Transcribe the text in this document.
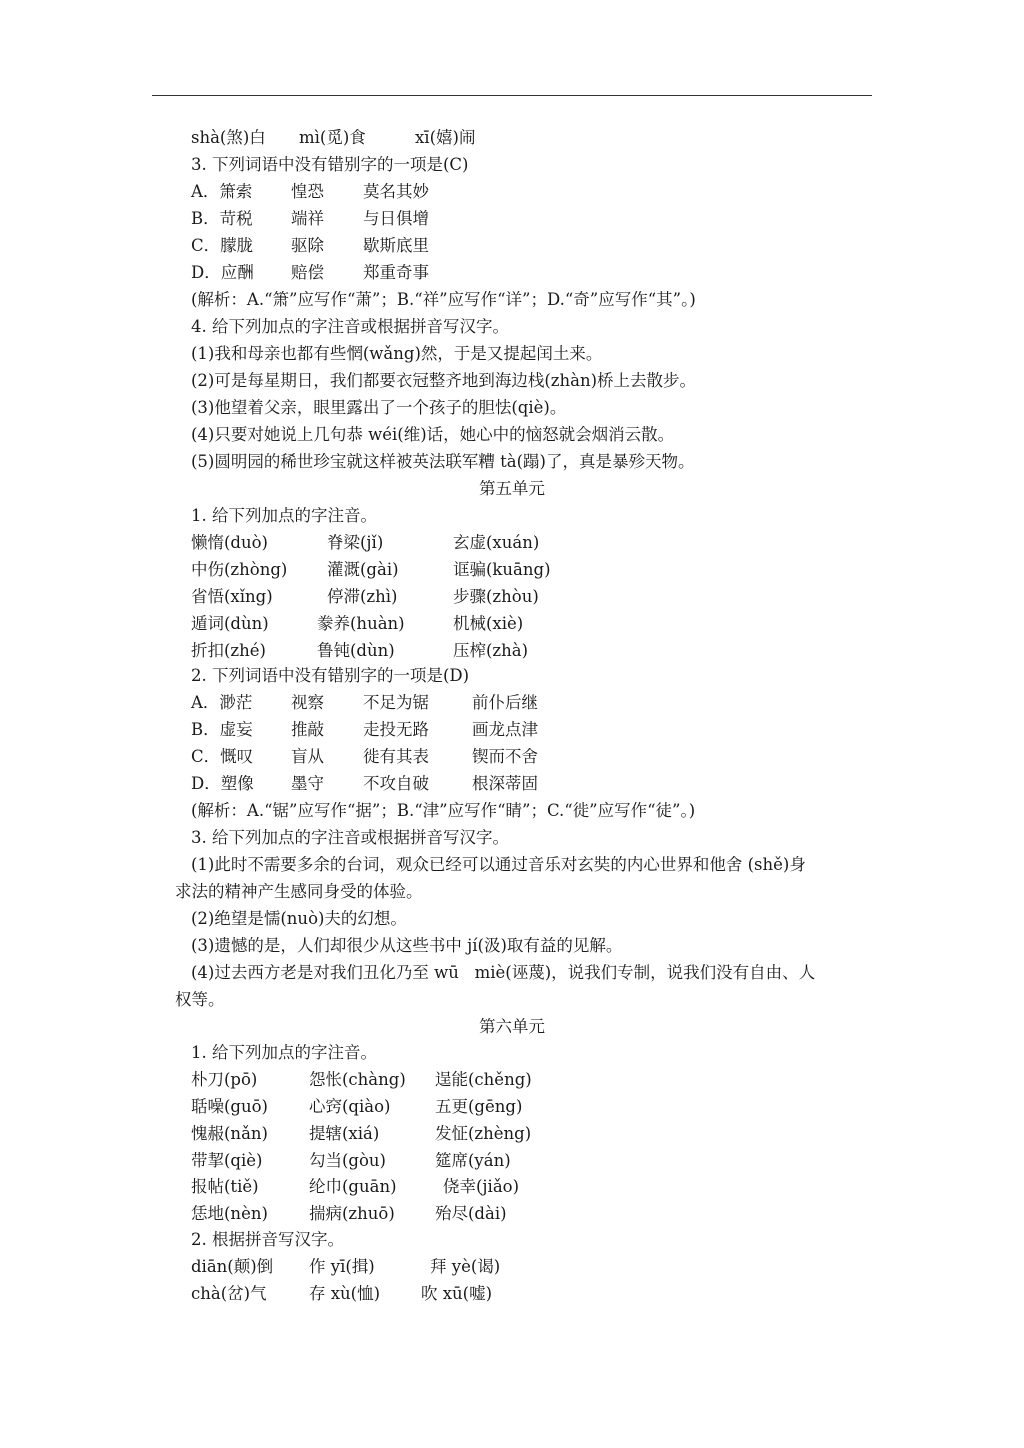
shà(煞)白 mì(觅)食	xī(嬉)闹
3. 下列词语中没有错别字的一项是(C)
A．箫索 惶恐 莫名其妙
B．苛税 端祥 与日俱增
C．朦胧 驱除 歇斯底里
D．应酬 赔偿 郑重奇事
(解析：A.“箫”应写作“萧”；B.“祥”应写作“详”；D.“奇”应写作“其”。)
4. 给下列加点的字注音或根据拼音写汉字。
(1)我和母亲也都有些惘(wǎng)然，于是又提起闰土来。
(2)可是每星期日，我们都要衣冠整齐地到海边栈(zhàn)桥上去散步。
(3)他望着父亲，眼里露出了一个孩子的胆怯(qiè)。
(4)只要对她说上几句恭 wéi(维)话，她心中的恼怒就会烟消云散。
(5)圆明园的稀世珍宝就这样被英法联军糟 tà(蹋)了，真是暴殄天物。
第五单元
1. 给下列加点的字注音。
懒惰(duò)	脊梁(jǐ)	玄虚(xuán)
中伤(zhòng) 灌溉(gài)	诓骗(kuāng)
省悟(xǐng)	停滞(zhì)	步骤(zhòu)
遁词(dùn)	豢养(huàn)	机械(xiè)
折扣(zhé)	鲁钝(dùn)	压榨(zhà)
2. 下列词语中没有错别字的一项是(D)
A．渺茫 视察 不足为锯	前仆后继
B．虚妄 推敲 走投无路	画龙点津
C．慨叹 盲从 徙有其表	锲而不舍
D．塑像 墨守 不攻自破	根深蒂固
(解析：A.“锯”应写作“据”；B.“津”应写作“睛”；C.“徙”应写作“徒”。)
3. 给下列加点的字注音或根据拼音写汉字。
(1)此时不需要多余的台词，观众已经可以通过音乐对玄奘的内心世界和他舍 (shě)身
求法的精神产生感同身受的体验。
(2)绝望是懦(nuò)夫的幻想。
(3)遗憾的是，人们却很少从这些书中 jí(汲)取有益的见解。
(4)过去西方老是对我们丑化乃至 wū   miè(诬蔑)，说我们专制，说我们没有自由、人
权等。
第六单元
1. 给下列加点的字注音。
朴刀(pō)	怨怅(chàng) 逞能(chěng)
聒噪(guō) 心窍(qiào)	五更(gēng)
愧赧(nǎn) 提辖(xiá)	发怔(zhèng)
带挈(qiè)	勾当(gòu)	筵席(yán)
报帖(tiě)	纶巾(guān)	侥幸(jiǎo)
恁地(nèn) 揣病(zhuō) 殆尽(dài)
2. 根据拼音写汉字。
diān(颠)倒 作 yī(揖)	拜 yè(谒)
chà(岔)气	存 xù(恤) 吹 xū(嘘)
